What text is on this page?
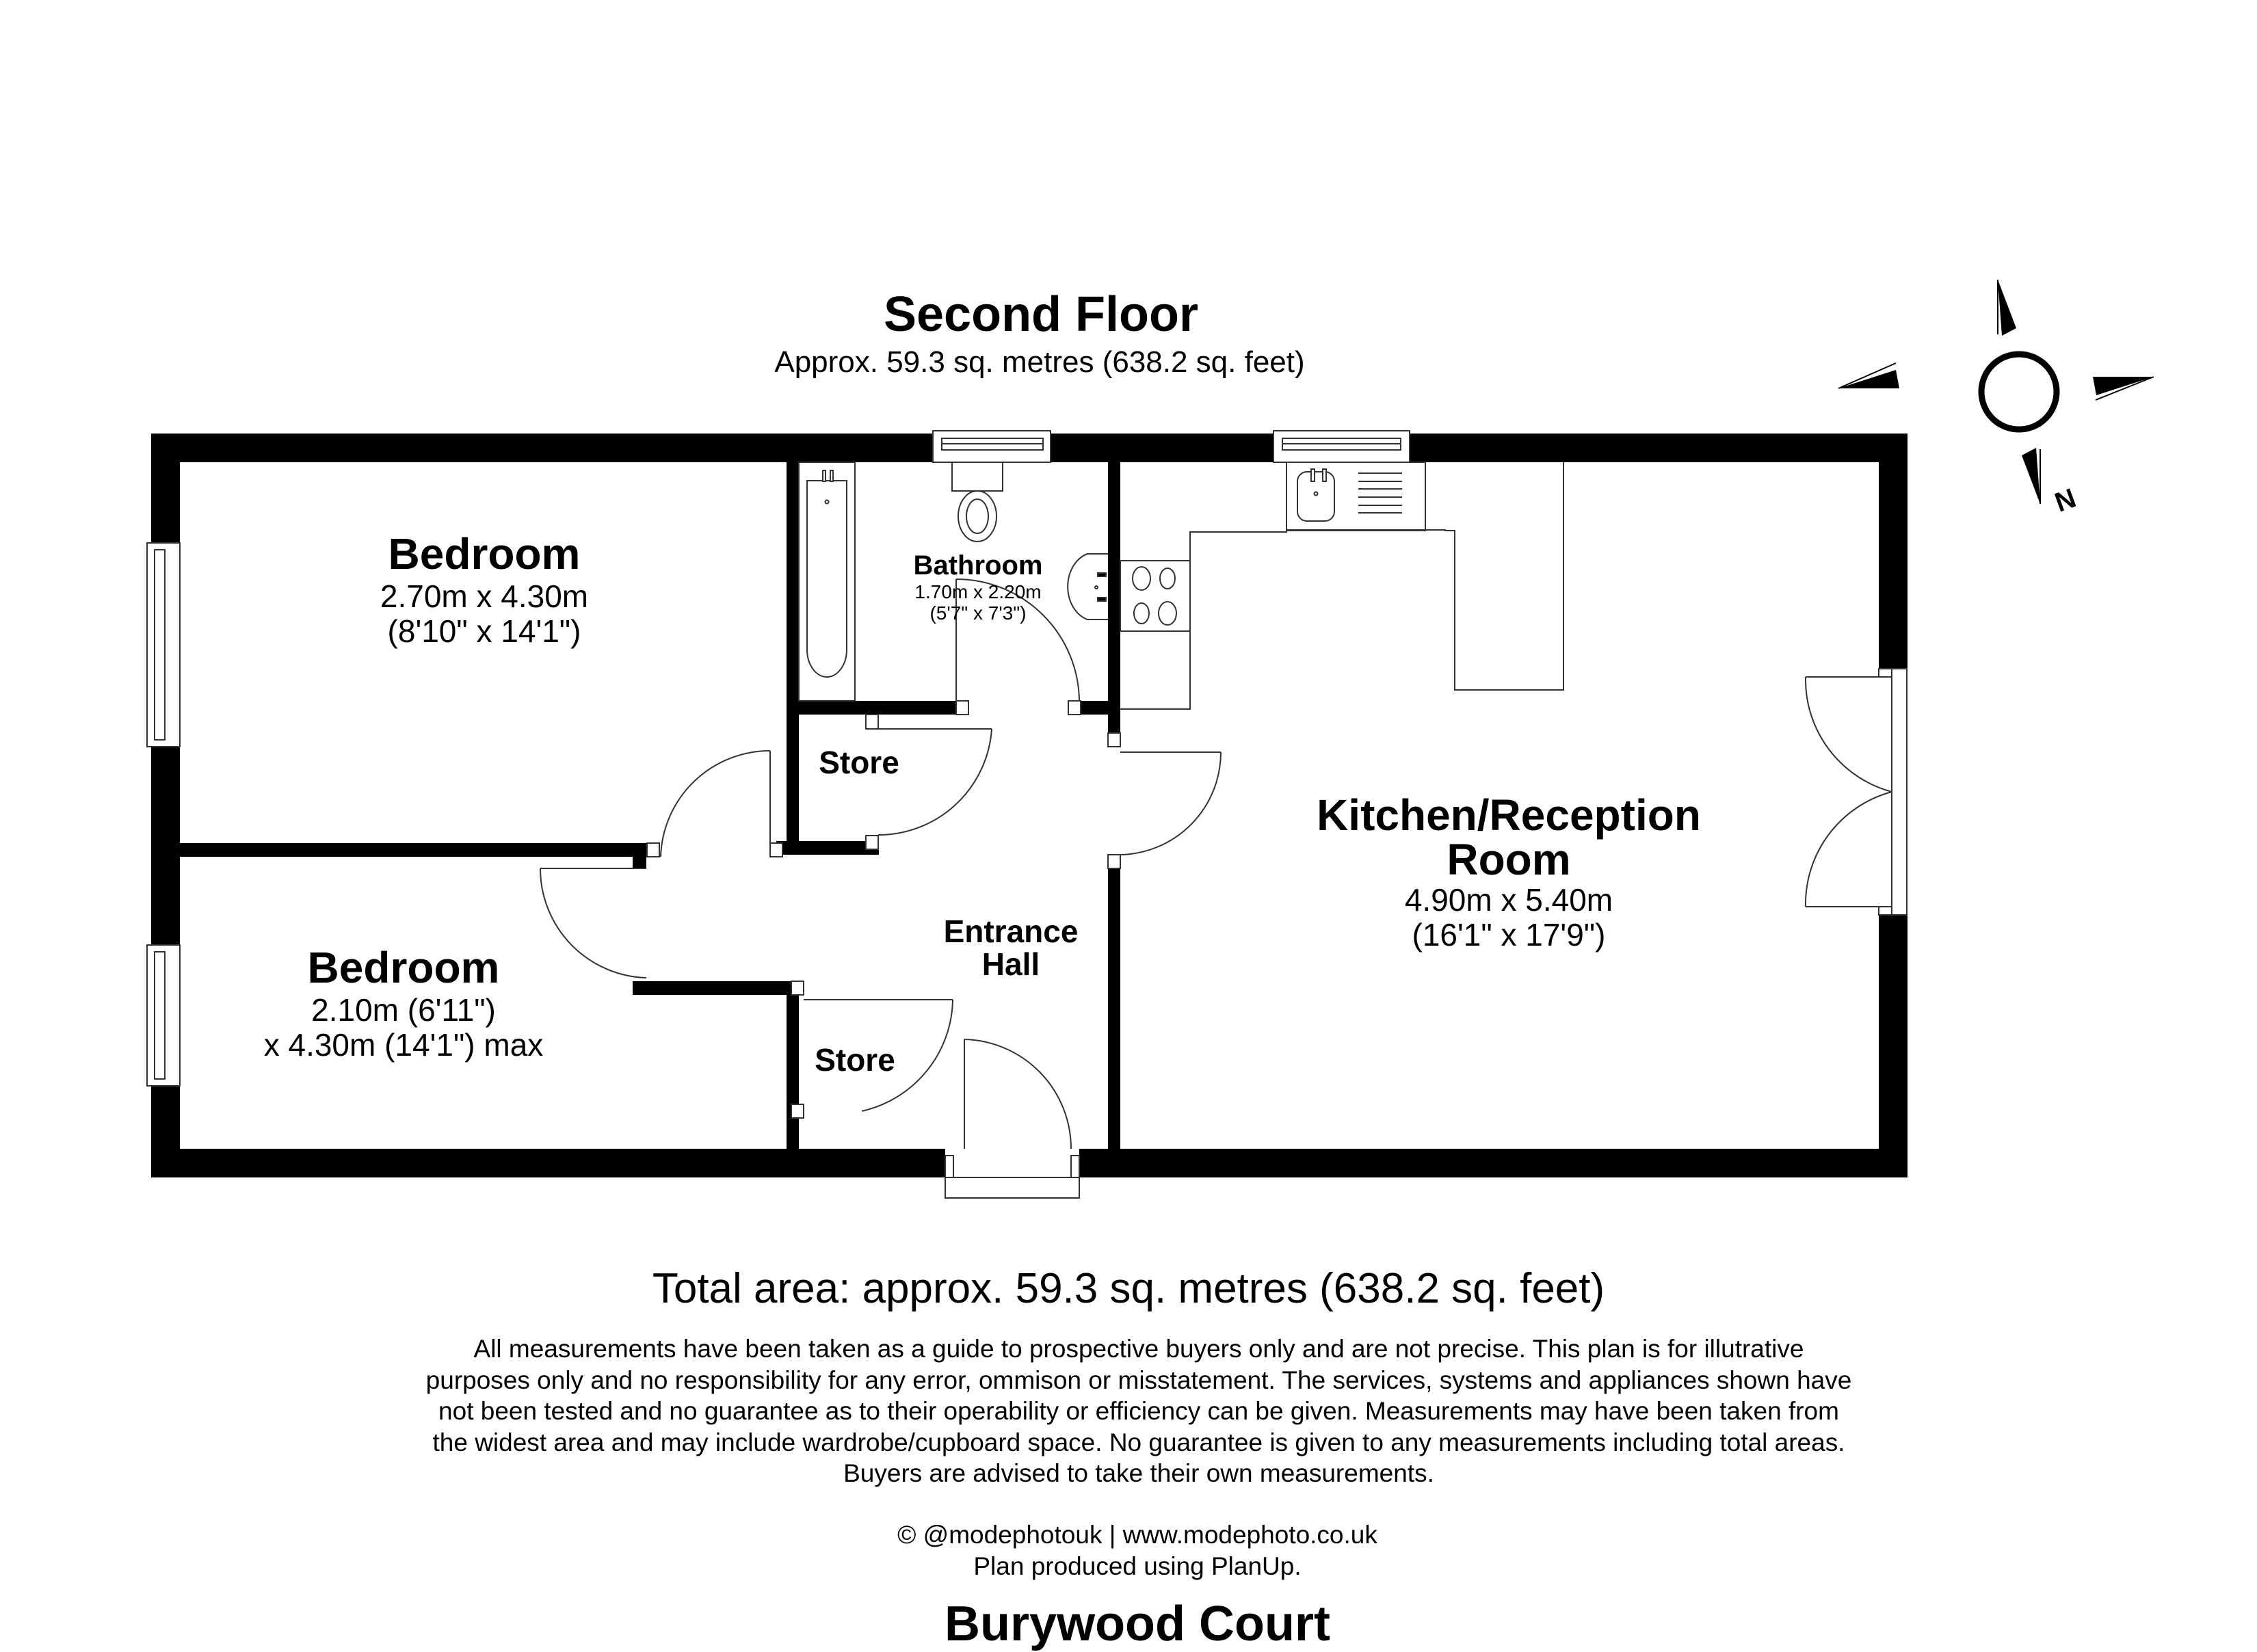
N
Second Floor
Approx. 59.3 sq. metres (638.2 sq. feet)
Bedroom
2.70m x 4.30m
(8'10" x 14'1")
Bathroom
1.70m x 2.20m
(5'7" x 7'3")
Store
Kitchen/Reception
Room
4.90m x 5.40m
(16'1" x 17'9")
Entrance
Hall
Bedroom
2.10m (6'11")
x 4.30m (14'1") max	Store
Total area: approx. 59.3 sq. metres (638.2 sq. feet)
All measurements have been taken as a guide to prospective buyers only and are not precise. This plan is for illutrative purposes only and no responsibility for any error, ommison or misstatement. The services, systems and appliances shown have not been tested and no guarantee as to their operability or efficiency can be given. Measurements may have been taken from the widest area and may include wardrobe/cupboard space. No guarantee is given to any measurements including total areas. Buyers are advised to take their own measurements.
© @modephotouk | www.modephoto.co.uk
Plan produced using PlanUp.
Burywood Court
